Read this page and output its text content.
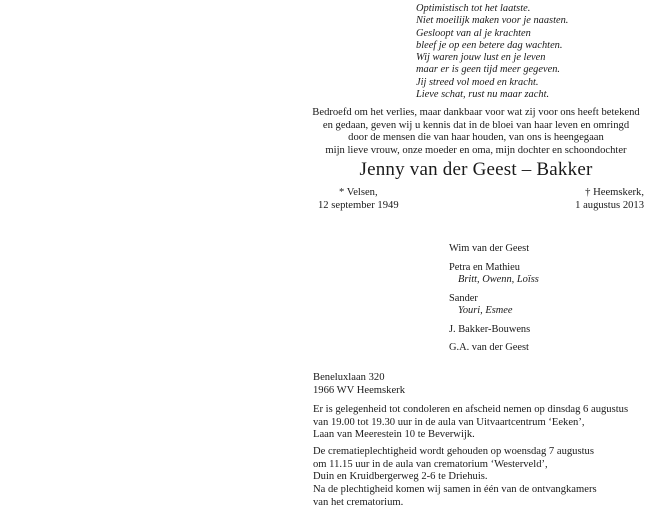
Optimistisch tot het laatste.
Niet moeilijk maken voor je naasten.
Gesloopt van al je krachten
bleef je op een betere dag wachten.
Wij waren jouw lust en je leven
maar er is geen tijd meer gegeven.
Jij streed vol moed en kracht.
Lieve schat, rust nu maar zacht.
Bedroefd om het verlies, maar dankbaar voor wat zij voor ons heeft betekend
en gedaan, geven wij u kennis dat in de bloei van haar leven en omringd
door de mensen die van haar houden, van ons is heengegaan
mijn lieve vrouw, onze moeder en oma, mijn dochter en schoondochter
Jenny van der Geest – Bakker
* Velsen,
12 september 1949
† Heemskerk,
1 augustus 2013
Wim van der Geest
Petra en Mathieu
Britt, Owenn, Loïss
Sander
Youri, Esmee
J. Bakker-Bouwens
G.A. van der Geest
Beneluxlaan 320
1966 WV Heemskerk
Er is gelegenheid tot condoleren en afscheid nemen op dinsdag 6 augustus
van 19.00 tot 19.30 uur in de aula van Uitvaartcentrum ‘Eeken’,
Laan van Meerestein 10 te Beverwijk.
De crematieplechtigheid wordt gehouden op woensdag 7 augustus
om 11.15 uur in de aula van crematorium ‘Westerveld’,
Duin en Kruidbergerweg 2-6 te Driehuis.
Na de plechtigheid komen wij samen in één van de ontvangkamers
van het crematorium.
